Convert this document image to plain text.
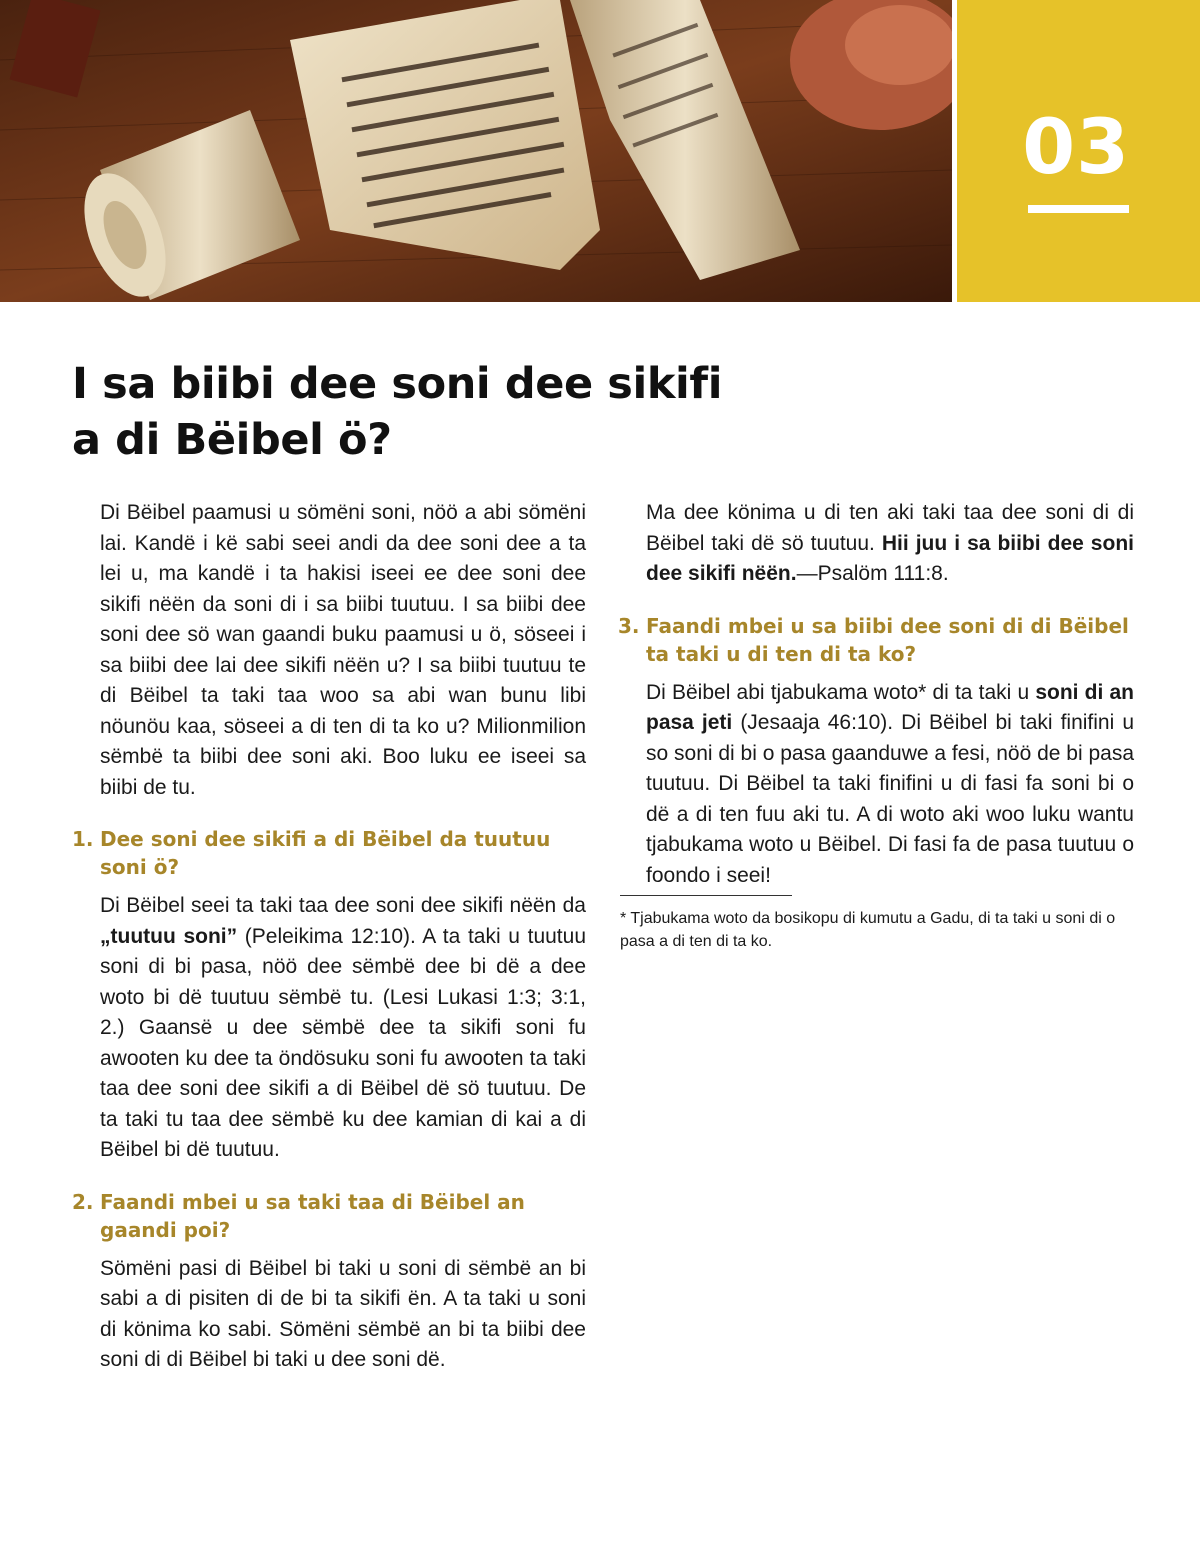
03
I sa biibi dee soni dee sikifi
a di Bëibel ö?

Di Bëibel paamusi u sömëni soni, nöö a abi sömëni lai. Kandë i kë sabi seei andi da dee soni dee a ta lei u, ma kandë i ta hakisi iseei ee dee soni dee sikifi nëën da soni di i sa biibi tuutuu. I sa biibi dee soni dee sö wan gaandi buku paamusi u ö, söseei i sa biibi dee lai dee sikifi nëën u? I sa biibi tuutuu te di Bëibel ta taki taa woo sa abi wan bunu libi nöunöu kaa, söseei a di ten di ta ko u? Milionmilion sëmbë ta biibi dee soni aki. Boo luku ee iseei sa biibi de tu.

1. Dee soni dee sikifi a di Bëibel da tuutuu soni ö?

Di Bëibel seei ta taki taa dee soni dee sikifi nëën da „tuutuu soni” (Peleikima 12:10). A ta taki u tuutuu soni di bi pasa, nöö dee sëmbë dee bi dë a dee woto bi dë tuutuu sëmbë tu. (Lesi Lukasi 1:3; 3:1, 2.) Gaansë u dee sëmbë dee ta sikifi soni fu awooten ku dee ta öndösuku soni fu awooten ta taki taa dee soni dee sikifi a di Bëibel dë sö tuutuu. De ta taki tu taa dee sëmbë ku dee kamian di kai a di Bëibel bi dë tuutuu.

2. Faandi mbei u sa taki taa di Bëibel an gaandi poi?

Sömëni pasi di Bëibel bi taki u soni di sëmbë an bi sabi a di pisiten di de bi ta sikifi ën. A ta taki u soni di könima ko sabi. Sömëni sëmbë an bi ta biibi dee soni di di Bëibel bi taki u dee soni dë.

Ma dee könima u di ten aki taki taa dee soni di di Bëibel taki dë sö tuutuu. Hii juu i sa biibi dee soni dee sikifi nëën.—Psalöm 111:8.

3. Faandi mbei u sa biibi dee soni di di Bëibel ta taki u di ten di ta ko?

Di Bëibel abi tjabukama woto* di ta taki u soni di an pasa jeti (Jesaaja 46:10). Di Bëibel bi taki finifini u so soni di bi o pasa gaanduwe a fesi, nöö de bi pasa tuutuu. Di Bëibel ta taki finifini u di fasi fa soni bi o dë a di ten fuu aki tu. A di woto aki woo luku wantu tjabukama woto u Bëibel. Di fasi fa de pasa tuutuu o foondo i seei!

* Tjabukama woto da bosikopu di kumutu a Gadu, di ta taki u soni di o pasa a di ten di ta ko.
